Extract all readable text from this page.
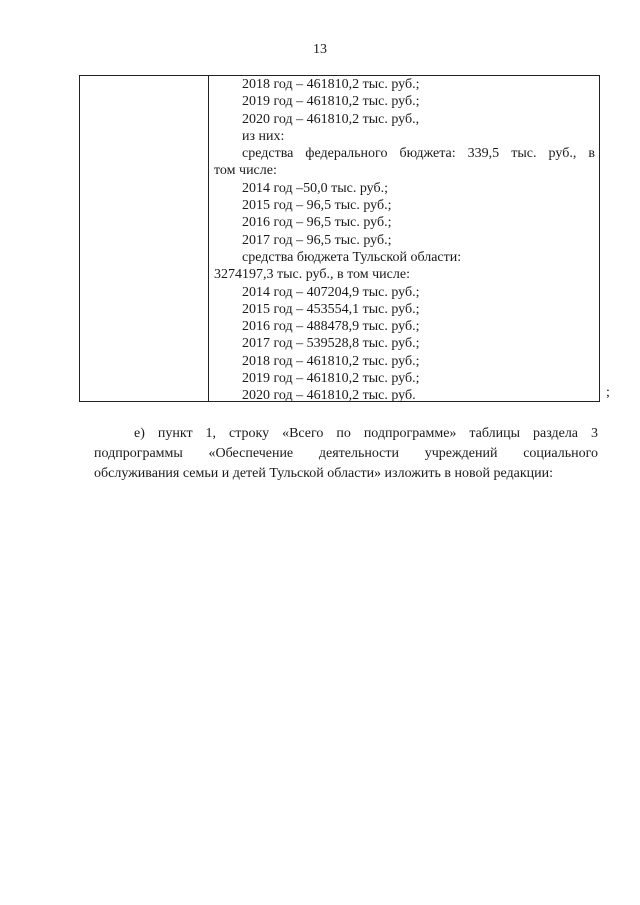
13
2018 год – 461810,2 тыс. руб.;
2019 год – 461810,2 тыс. руб.;
2020 год – 461810,2 тыс. руб.,
из них:
средства федерального бюджета: 339,5 тыс. руб., в
том числе:
2014 год –50,0 тыс. руб.;
2015 год – 96,5 тыс. руб.;
2016 год – 96,5 тыс. руб.;
2017 год – 96,5 тыс. руб.;
средства бюджета Тульской области:
3274197,3 тыс. руб., в том числе:
2014 год – 407204,9 тыс. руб.;
2015 год – 453554,1 тыс. руб.;
2016 год – 488478,9 тыс. руб.;
2017 год – 539528,8 тыс. руб.;
2018 год – 461810,2 тыс. руб.;
2019 год – 461810,2 тыс. руб.;
2020 год – 461810,2 тыс. руб.	;
е) пункт 1, строку «Всего по подпрограмме» таблицы раздела 3
подпрограммы «Обеспечение деятельности учреждений социального
обслуживания семьи и детей Тульской области» изложить в новой редакции:
